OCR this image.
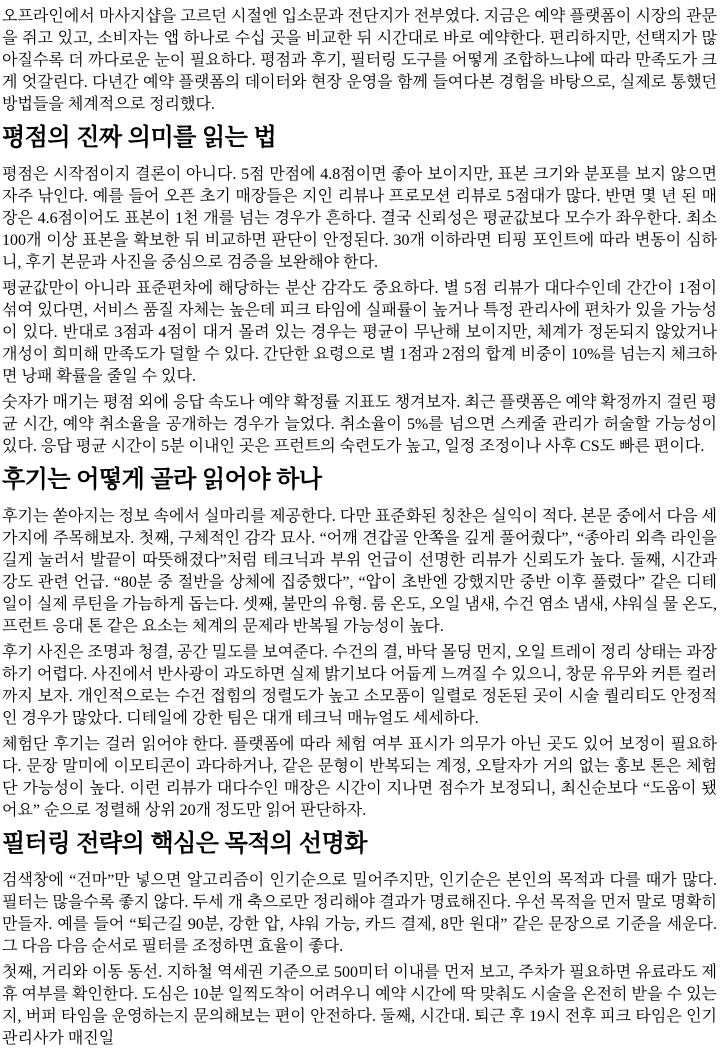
오프라인에서 마사지샵을 고르던 시절엔 입소문과 전단지가 전부였다. 지금은 예약 플랫폼이 시장의 관문을 쥐고 있고, 소비자는 앱 하나로 수십 곳을 비교한 뒤 시간대로 바로 예약한다. 편리하지만, 선택지가 많아질수록 더 까다로운 눈이 필요하다. 평점과 후기, 필터링 도구를 어떻게 조합하느냐에 따라 만족도가 크게 엇갈린다. 다년간 예약 플랫폼의 데이터와 현장 운영을 함께 들여다본 경험을 바탕으로, 실제로 통했던 방법들을 체계적으로 정리했다.

평점의 진짜 의미를 읽는 법

평점은 시작점이지 결론이 아니다. 5점 만점에 4.8점이면 좋아 보이지만, 표본 크기와 분포를 보지 않으면 자주 낚인다. 예를 들어 오픈 초기 매장들은 지인 리뷰나 프로모션 리뷰로 5점대가 많다. 반면 몇 년 된 매장은 4.6점이어도 표본이 1천 개를 넘는 경우가 흔하다. 결국 신뢰성은 평균값보다 모수가 좌우한다. 최소 100개 이상 표본을 확보한 뒤 비교하면 판단이 안정된다. 30개 이하라면 티핑 포인트에 따라 변동이 심하니, 후기 본문과 사진을 중심으로 검증을 보완해야 한다.

평균값만이 아니라 표준편차에 해당하는 분산 감각도 중요하다. 별 5점 리뷰가 대다수인데 간간이 1점이 섞여 있다면, 서비스 품질 자체는 높은데 피크 타임에 실패률이 높거나 특정 관리사에 편차가 있을 가능성이 있다. 반대로 3점과 4점이 대거 몰려 있는 경우는 평균이 무난해 보이지만, 체계가 정돈되지 않았거나 개성이 희미해 만족도가 덜할 수 있다. 간단한 요령으로 별 1점과 2점의 합계 비중이 10%를 넘는지 체크하면 낭패 확률을 줄일 수 있다.

숫자가 매기는 평점 외에 응답 속도나 예약 확정률 지표도 챙겨보자. 최근 플랫폼은 예약 확정까지 걸린 평균 시간, 예약 취소율을 공개하는 경우가 늘었다. 취소율이 5%를 넘으면 스케줄 관리가 허술할 가능성이 있다. 응답 평균 시간이 5분 이내인 곳은 프런트의 숙련도가 높고, 일정 조정이나 사후 CS도 빠른 편이다.

후기는 어떻게 골라 읽어야 하나

후기는 쏟아지는 정보 속에서 실마리를 제공한다. 다만 표준화된 칭찬은 실익이 적다. 본문 중에서 다음 세 가지에 주목해보자. 첫째, 구체적인 감각 묘사. “어깨 견갑골 안쪽을 깊게 풀어줬다”, “종아리 외측 라인을 길게 눌러서 발끝이 따뜻해졌다”처럼 테크닉과 부위 언급이 선명한 리뷰가 신뢰도가 높다. 둘째, 시간과 강도 관련 언급. “80분 중 절반을 상체에 집중했다”, “압이 초반엔 강했지만 중반 이후 풀렸다” 같은 디테일이 실제 루틴을 가늠하게 돕는다. 셋째, 불만의 유형. 룸 온도, 오일 냄새, 수건 염소 냄새, 샤워실 물 온도, 프런트 응대 톤 같은 요소는 체계의 문제라 반복될 가능성이 높다.

후기 사진은 조명과 청결, 공간 밀도를 보여준다. 수건의 결, 바닥 몰딩 먼지, 오일 트레이 정리 상태는 과장하기 어렵다. 사진에서 반사광이 과도하면 실제 밝기보다 어둡게 느껴질 수 있으니, 창문 유무와 커튼 컬러까지 보자. 개인적으로는 수건 접힘의 정렬도가 높고 소모품이 일렬로 정돈된 곳이 시술 퀄리티도 안정적인 경우가 많았다. 디테일에 강한 팀은 대개 테크닉 매뉴얼도 세세하다.

체험단 후기는 걸러 읽어야 한다. 플랫폼에 따라 체험 여부 표시가 의무가 아닌 곳도 있어 보정이 필요하다. 문장 말미에 이모티콘이 과다하거나, 같은 문형이 반복되는 계정, 오탈자가 거의 없는 홍보 톤은 체험단 가능성이 높다. 이런 리뷰가 대다수인 매장은 시간이 지나면 점수가 보정되니, 최신순보다 “도움이 됐어요” 순으로 정렬해 상위 20개 정도만 읽어 판단하자.

필터링 전략의 핵심은 목적의 선명화

검색창에 “건마”만 넣으면 알고리즘이 인기순으로 밀어주지만, 인기순은 본인의 목적과 다를 때가 많다. 필터는 많을수록 좋지 않다. 두세 개 축으로만 정리해야 결과가 명료해진다. 우선 목적을 먼저 말로 명확히 만들자. 예를 들어 “퇴근길 90분, 강한 압, 샤워 가능, 카드 결제, 8만 원대” 같은 문장으로 기준을 세운다. 그 다음 다음 순서로 필터를 조정하면 효율이 좋다.

첫째, 거리와 이동 동선. 지하철 역세권 기준으로 500미터 이내를 먼저 보고, 주차가 필요하면 유료라도 제휴 여부를 확인한다. 도심은 10분 일찍도착이 어려우니 예약 시간에 딱 맞춰도 시술을 온전히 받을 수 있는지, 버퍼 타임을 운영하는지 문의해보는 편이 안전하다. 둘째, 시간대. 퇴근 후 19시 전후 피크 타임은 인기 관리사가 매진일
